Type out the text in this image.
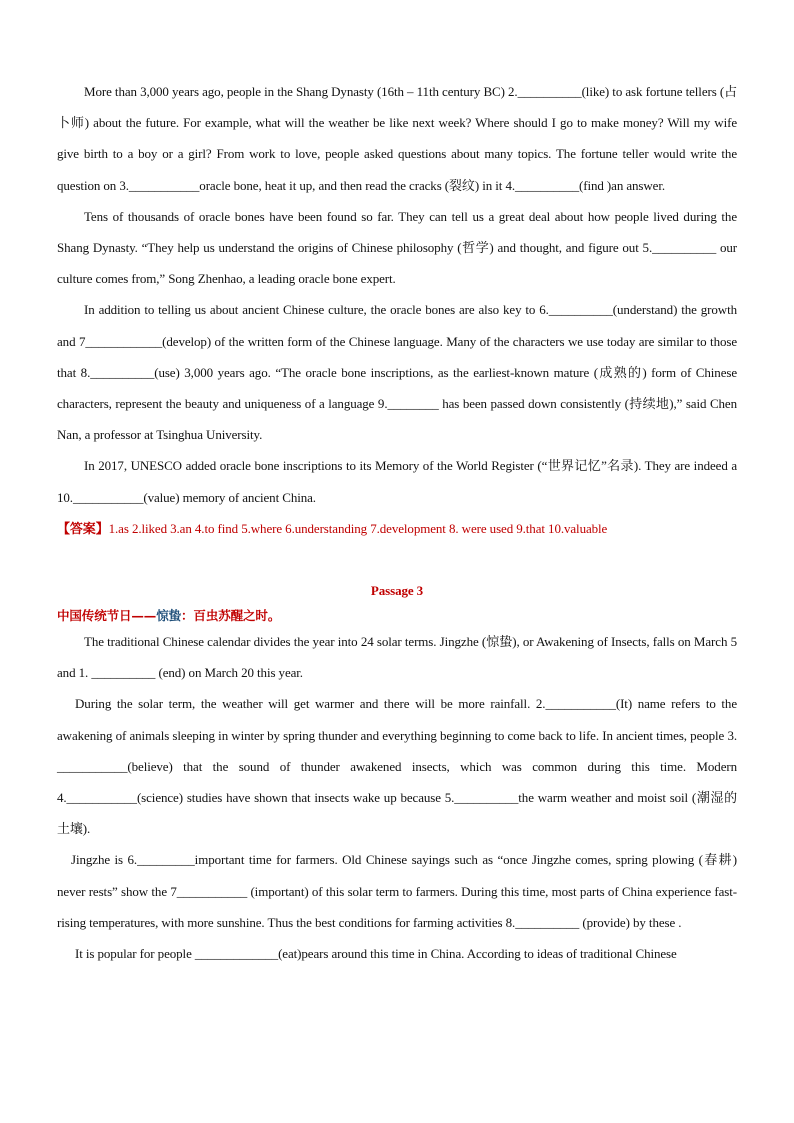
More than 3,000 years ago, people in the Shang Dynasty (16th – 11th century BC) 2.__________(like) to ask fortune tellers (占卜师) about the future. For example, what will the weather be like next week? Where should I go to make money? Will my wife give birth to a boy or a girl? From work to love, people asked questions about many topics. The fortune teller would write the question on 3.___________oracle bone, heat it up, and then read the cracks (裂纹) in it 4.__________(find )an answer.

Tens of thousands of oracle bones have been found so far. They can tell us a great deal about how people lived during the Shang Dynasty. “They help us understand the origins of Chinese philosophy (哲学) and thought, and figure out 5.__________ our culture comes from,” Song Zhenhao, a leading oracle bone expert.

In addition to telling us about ancient Chinese culture, the oracle bones are also key to 6.__________(understand) the growth and 7____________(develop) of the written form of the Chinese language. Many of the characters we use today are similar to those that 8.__________(use) 3,000 years ago. “The oracle bone inscriptions, as the earliest-known mature (成熟的) form of Chinese characters, represent the beauty and uniqueness of a language 9.________ has been passed down consistently (持续地),” said Chen Nan, a professor at Tsinghua University.

In 2017, UNESCO added oracle bone inscriptions to its Memory of the World Register (“世界记忆”名录). They are indeed a 10.___________(value) memory of ancient China.

【答案】1.as 2.liked 3.an 4.to find 5.where 6.understanding 7.development 8. were used 9.that 10.valuable

Passage 3

中国传统节日——惊蛰：百虫苏醒之时。

The traditional Chinese calendar divides the year into 24 solar terms. Jingzhe (惊蛰), or Awakening of Insects, falls on March 5 and 1. __________ (end) on March 20 this year.

During the solar term, the weather will get warmer and there will be more rainfall. 2.___________(It) name refers to the awakening of animals sleeping in winter by spring thunder and everything beginning to come back to life. In ancient times, people 3. ___________(believe) that the sound of thunder awakened insects, which was common during this time. Modern 4.___________(science) studies have shown that insects wake up because 5.__________the warm weather and moist soil (潮湿的土壤).

Jingzhe is 6._________important time for farmers. Old Chinese sayings such as “once Jingzhe comes, spring plowing (春耕) never rests” show the 7___________ (important) of this solar term to farmers. During this time, most parts of China experience fast-rising temperatures, with more sunshine. Thus the best conditions for farming activities 8.__________ (provide) by these .

It is popular for people _____________(eat)pears around this time in China. According to ideas of traditional Chinese
